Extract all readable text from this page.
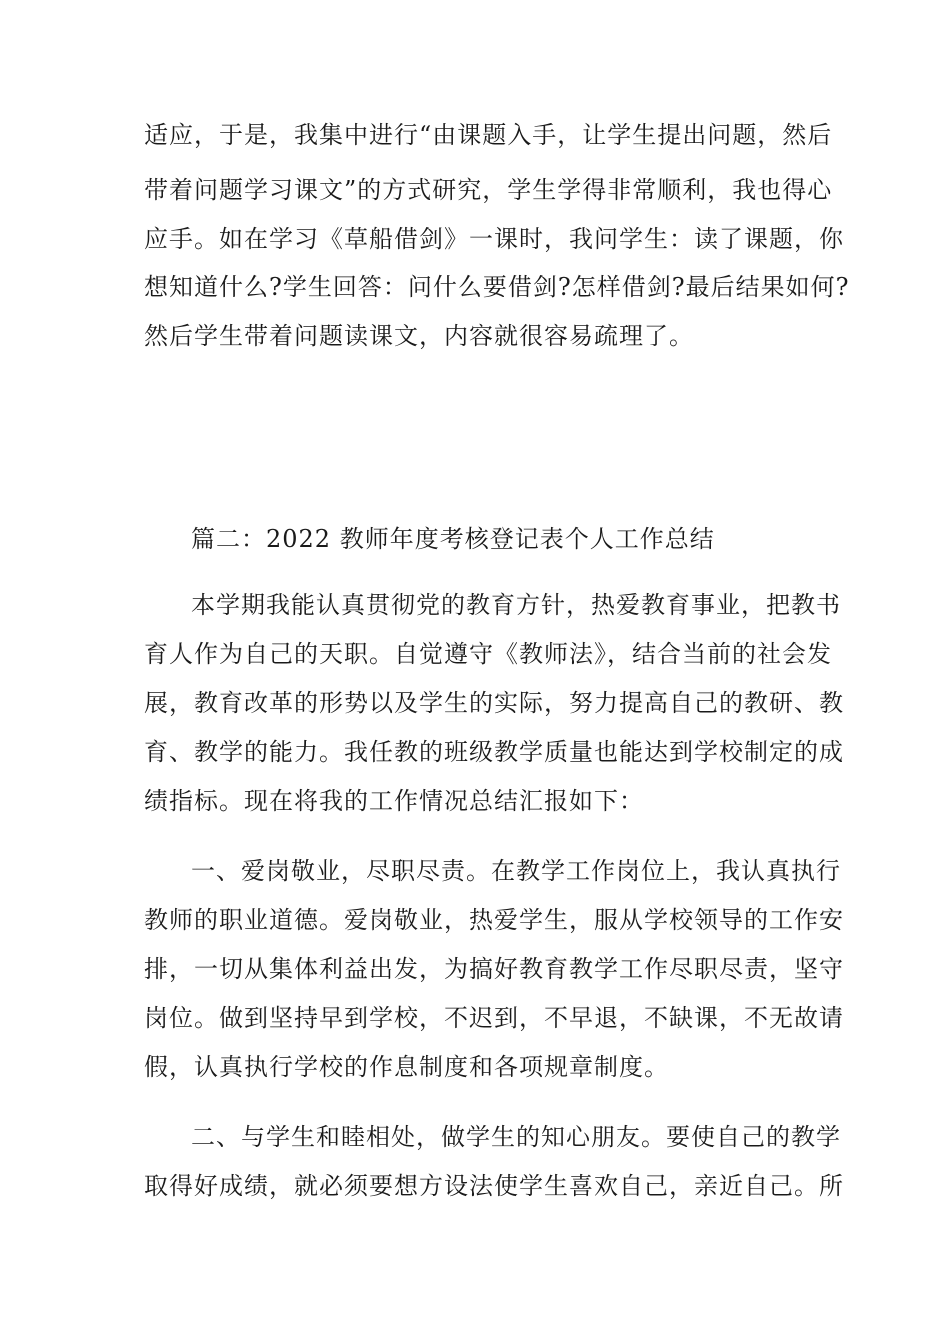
适应，于是，我集中进行“由课题入手，让学生提出问题，然后
带着问题学习课文”的方式研究，学生学得非常顺利，我也得心
应手。如在学习《草船借剑》一课时，我问学生：读了课题，你
想知道什么?学生回答：问什么要借剑?怎样借剑?最后结果如何?
然后学生带着问题读课文，内容就很容易疏理了。
篇二：2022 教师年度考核登记表个人工作总结
本学期我能认真贯彻党的教育方针，热爱教育事业，把教书
育人作为自己的天职。自觉遵守《教师法》，结合当前的社会发
展，教育改革的形势以及学生的实际，努力提高自己的教研、教
育、教学的能力。我任教的班级教学质量也能达到学校制定的成
绩指标。现在将我的工作情况总结汇报如下：
一、爱岗敬业，尽职尽责。在教学工作岗位上，我认真执行
教师的职业道德。爱岗敬业，热爱学生，服从学校领导的工作安
排，一切从集体利益出发，为搞好教育教学工作尽职尽责，坚守
岗位。做到坚持早到学校，不迟到，不早退，不缺课，不无故请
假，认真执行学校的作息制度和各项规章制度。
二、与学生和睦相处，做学生的知心朋友。要使自己的教学
取得好成绩，就必须要想方设法使学生喜欢自己，亲近自己。所
